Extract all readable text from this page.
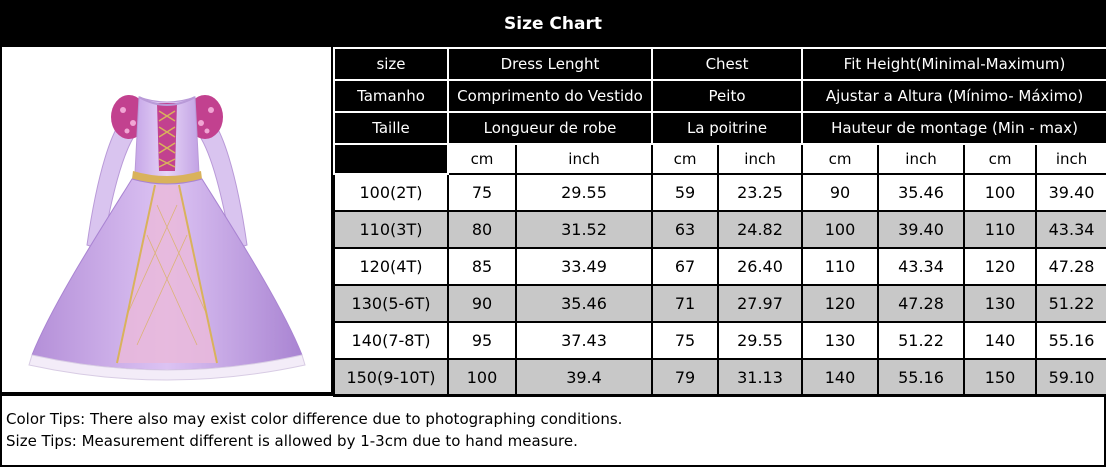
Size Chart
size	Dress Lenght		Chest		Fit Height(Minimal-Maximum)			
Tamanho	Comprimento do Vestido		Peito		Ajustar a Altura (Mínimo- Máximo)			
Taille	Longueur de robe		La poitrine		Hauteur de montage (Min - max)			
	cm	inch	cm	inch	cm	inch	cm	inch
100(2T)	75	29.55	59	23.25	90	35.46	100	39.40
110(3T)	80	31.52	63	24.82	100	39.40	110	43.34
120(4T)	85	33.49	67	26.40	110	43.34	120	47.28
130(5-6T)	90	35.46	71	27.97	120	47.28	130	51.22
140(7-8T)	95	37.43	75	29.55	130	51.22	140	55.16
150(9-10T)	100	39.4	79	31.13	140	55.16	150	59.10
Color Tips: There also may exist color difference due to photographing conditions.
Size Tips: Measurement different is allowed by 1-3cm due to hand measure.
